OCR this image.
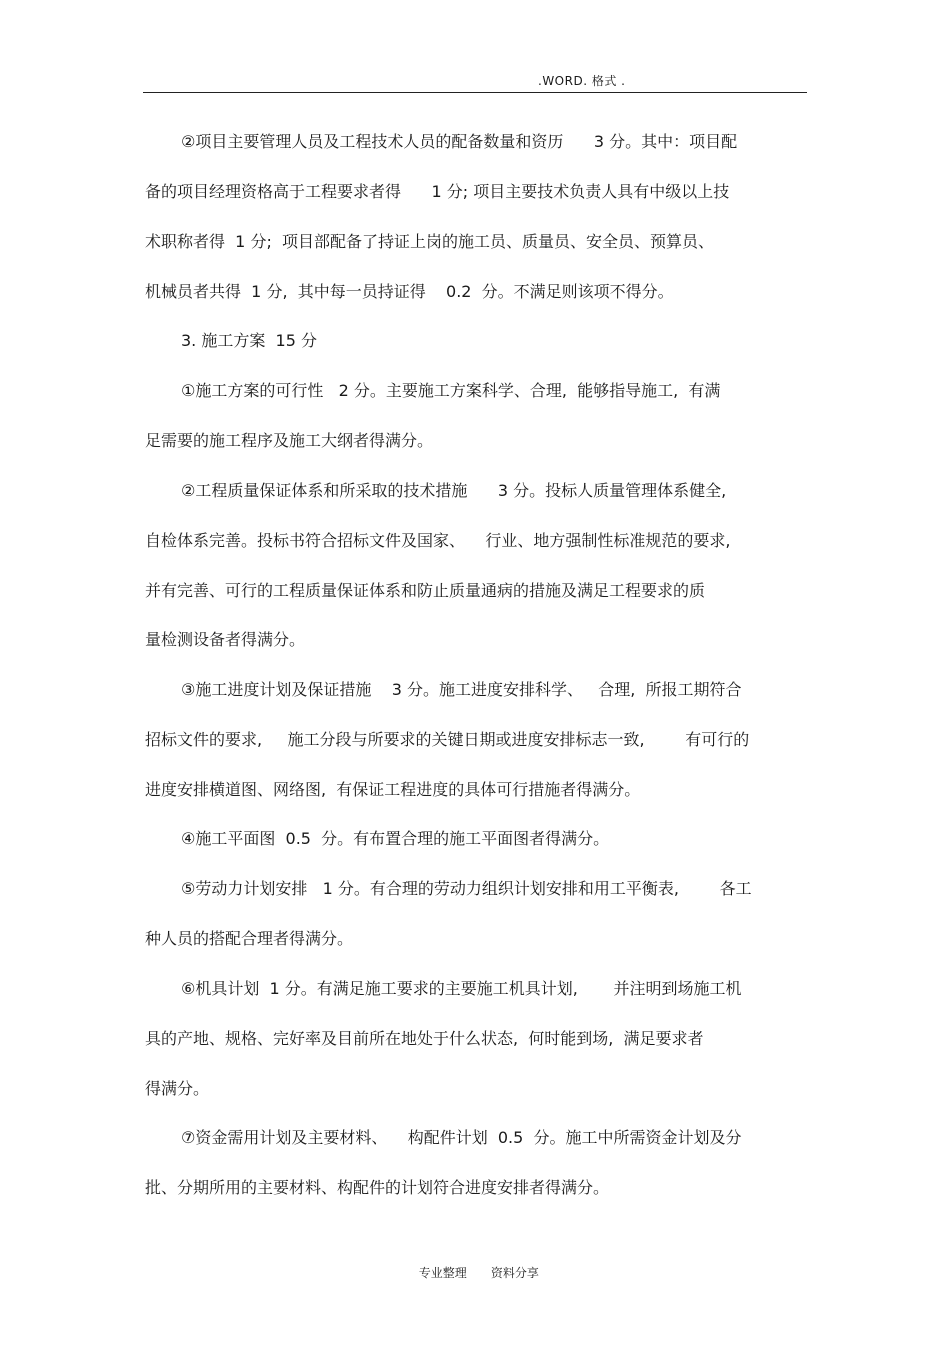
.WORD. 格式 .
②项目主要管理人员及工程技术人员的配备数量和资历      3 分。其中：项目配
备的项目经理资格高于工程要求者得      1 分; 项目主要技术负责人具有中级以上技
术职称者得  1 分;  项目部配备了持证上岗的施工员、质量员、安全员、预算员、
机械员者共得  1 分,  其中每一员持证得    0.2  分。不满足则该项不得分。
3. 施工方案  15 分
①施工方案的可行性   2 分。主要施工方案科学、合理,  能够指导施工,  有满
足需要的施工程序及施工大纲者得满分。
②工程质量保证体系和所采取的技术措施      3 分。投标人质量管理体系健全,
自检体系完善。投标书符合招标文件及国家、    行业、地方强制性标准规范的要求,
并有完善、可行的工程质量保证体系和防止质量通病的措施及满足工程要求的质
量检测设备者得满分。
③施工进度计划及保证措施    3 分。施工进度安排科学、   合理,  所报工期符合
招标文件的要求,     施工分段与所要求的关键日期或进度安排标志一致,        有可行的
进度安排横道图、网络图,  有保证工程进度的具体可行措施者得满分。
④施工平面图  0.5  分。有布置合理的施工平面图者得满分。
⑤劳动力计划安排   1 分。有合理的劳动力组织计划安排和用工平衡表,        各工
种人员的搭配合理者得满分。
⑥机具计划  1 分。有满足施工要求的主要施工机具计划,       并注明到场施工机
具的产地、规格、完好率及目前所在地处于什么状态,  何时能到场,  满足要求者
得满分。
⑦资金需用计划及主要材料、    构配件计划  0.5  分。施工中所需资金计划及分
批、分期所用的主要材料、构配件的计划符合进度安排者得满分。

专业整理 资料分享
